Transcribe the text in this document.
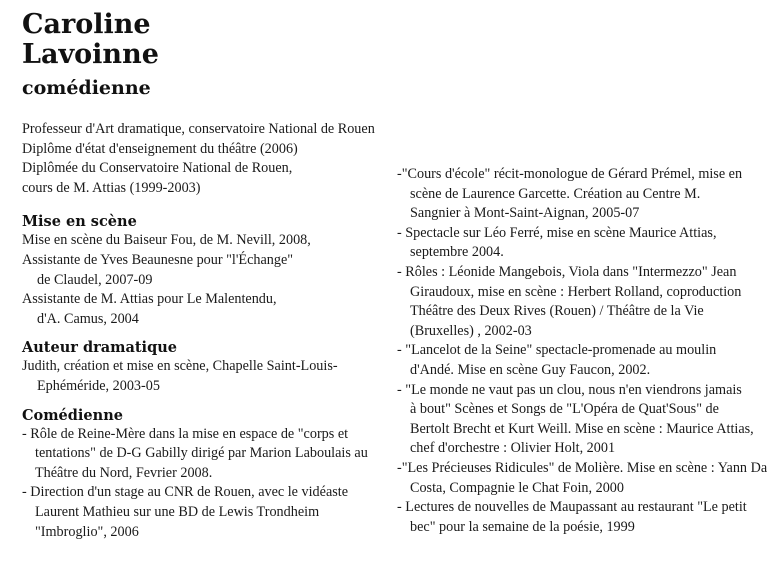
Caroline
Lavoinne
comédienne
Professeur d'Art dramatique, conservatoire National de Rouen
Diplôme d'état d'enseignement du théâtre (2006)
Diplômée du Conservatoire National de Rouen,
cours de M. Attias (1999-2003)
Mise en scène
Mise en scène du Baiseur Fou, de M. Nevill, 2008,
Assistante de Yves Beaunesne pour "l'Échange"
de Claudel, 2007-09
Assistante de M. Attias pour Le Malentendu,
d'A. Camus, 2004
Auteur dramatique
Judith, création et mise en scène, Chapelle Saint-Louis-
Ephéméride, 2003-05
Comédienne
- Rôle de Reine-Mère dans la mise en espace de "corps et
tentations" de D-G Gabilly dirigé par Marion Laboulais au
Théâtre du Nord, Fevrier 2008.
- Direction d'un stage au CNR de Rouen, avec le vidéaste
Laurent Mathieu sur une BD de Lewis Trondheim
"Imbroglio", 2006
-"Cours d'école" récit-monologue de Gérard Prémel, mise en
scène de Laurence Garcette. Création au Centre M.
Sangnier à Mont-Saint-Aignan, 2005-07
- Spectacle sur Léo Ferré, mise en scène Maurice Attias,
septembre 2004.
- Rôles : Léonide Mangebois, Viola dans "Intermezzo" Jean
Giraudoux, mise en scène : Herbert Rolland, coproduction
Théâtre des Deux Rives (Rouen) / Théâtre de la Vie
(Bruxelles) , 2002-03
- "Lancelot de la Seine" spectacle-promenade au moulin
d'Andé. Mise en scène Guy Faucon, 2002.
- "Le monde ne vaut pas un clou, nous n'en viendrons jamais
à bout" Scènes et Songs de "L'Opéra de Quat'Sous" de
Bertolt Brecht et Kurt Weill. Mise en scène : Maurice Attias,
chef d'orchestre : Olivier Holt, 2001
-"Les Précieuses Ridicules" de Molière. Mise en scène : Yann Da
Costa, Compagnie le Chat Foin, 2000
- Lectures de nouvelles de Maupassant au restaurant "Le petit
bec" pour la semaine de la poésie, 1999
